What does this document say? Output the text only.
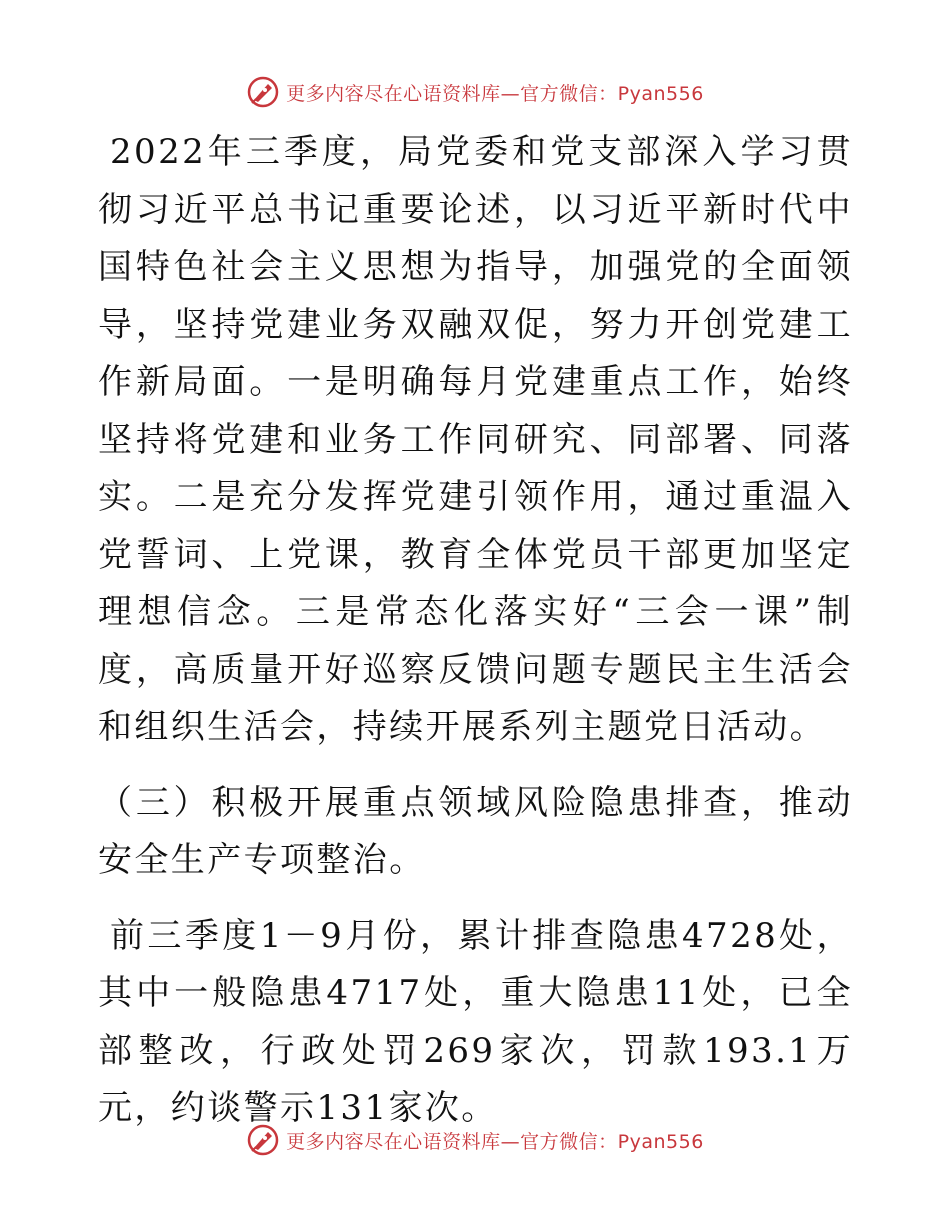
更多内容尽在心语资料库—官方微信：Pyan556

2022年三季度，局党委和党支部深入学习贯彻习近平总书记重要论述，以习近平新时代中国特色社会主义思想为指导，加强党的全面领导，坚持党建业务双融双促，努力开创党建工作新局面。一是明确每月党建重点工作，始终坚持将党建和业务工作同研究、同部署、同落实。二是充分发挥党建引领作用，通过重温入党誓词、上党课，教育全体党员干部更加坚定理想信念。三是常态化落实好“三会一课”制度，高质量开好巡察反馈问题专题民主生活会和组织生活会，持续开展系列主题党日活动。

（三）积极开展重点领域风险隐患排查，推动安全生产专项整治。

前三季度1－9月份，累计排查隐患4728处，其中一般隐患4717处，重大隐患11处，已全部整改，行政处罚269家次，罚款193.1万元，约谈警示131家次。

更多内容尽在心语资料库—官方微信：Pyan556
